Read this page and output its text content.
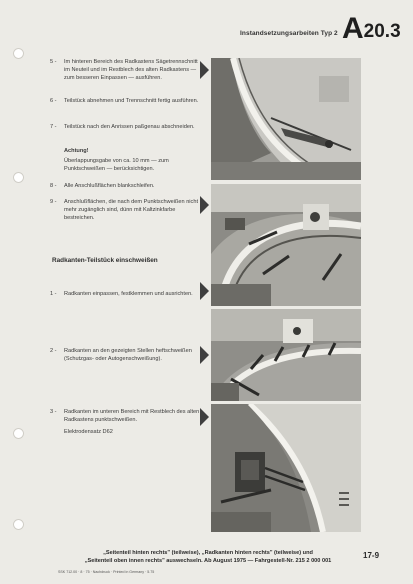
Instandsetzungsarbeiten Typ 2 A20.3
5 -	Im hinteren Bereich des Radkastens Sägetrennschnitt im Neuteil und im Restblech des alten Radkastens — zum besseren Einpassen — ausführen.
6 -	Teilstück abnehmen und Trennschnitt fertig ausführen.
7 -	Teilstück nach den Anrissen paßgenau abschneiden.
Achtung!
Überlappungsgabe von ca. 10 mm — zum Punktschweißen — berücksichtigen.
8 -	Alle Anschlußflächen blankschleifen.
9 -	Anschlußflächen, die nach dem Punktschweißen nicht mehr zugänglich sind, dünn mit Kaltzinkfarbe bestreichen.
Radkanten-Teilstück einschweißen
1 -	Radkanten einpassen, festklemmen und ausrichten.
2 -	Radkanten an den gezeigten Stellen heftschweißen (Schutzgas- oder Autogenschweißung).
3 -	Radkanten im unteren Bereich mit Restblech des alten Radkastens punktschweißen.
Elektrodensatz D62
„Seitenteil hinten rechts" (teilweise), „Radkanten hinten rechts" (teilweise) und
„Seitenteil oben innen rechts" auswechseln. Ab August 1975 — Fahrgestell-Nr. 215 2 000 001
17-9
SSK 712.00 · 8 · 75 · Nachdruck · Printed in Germany · 5.75
